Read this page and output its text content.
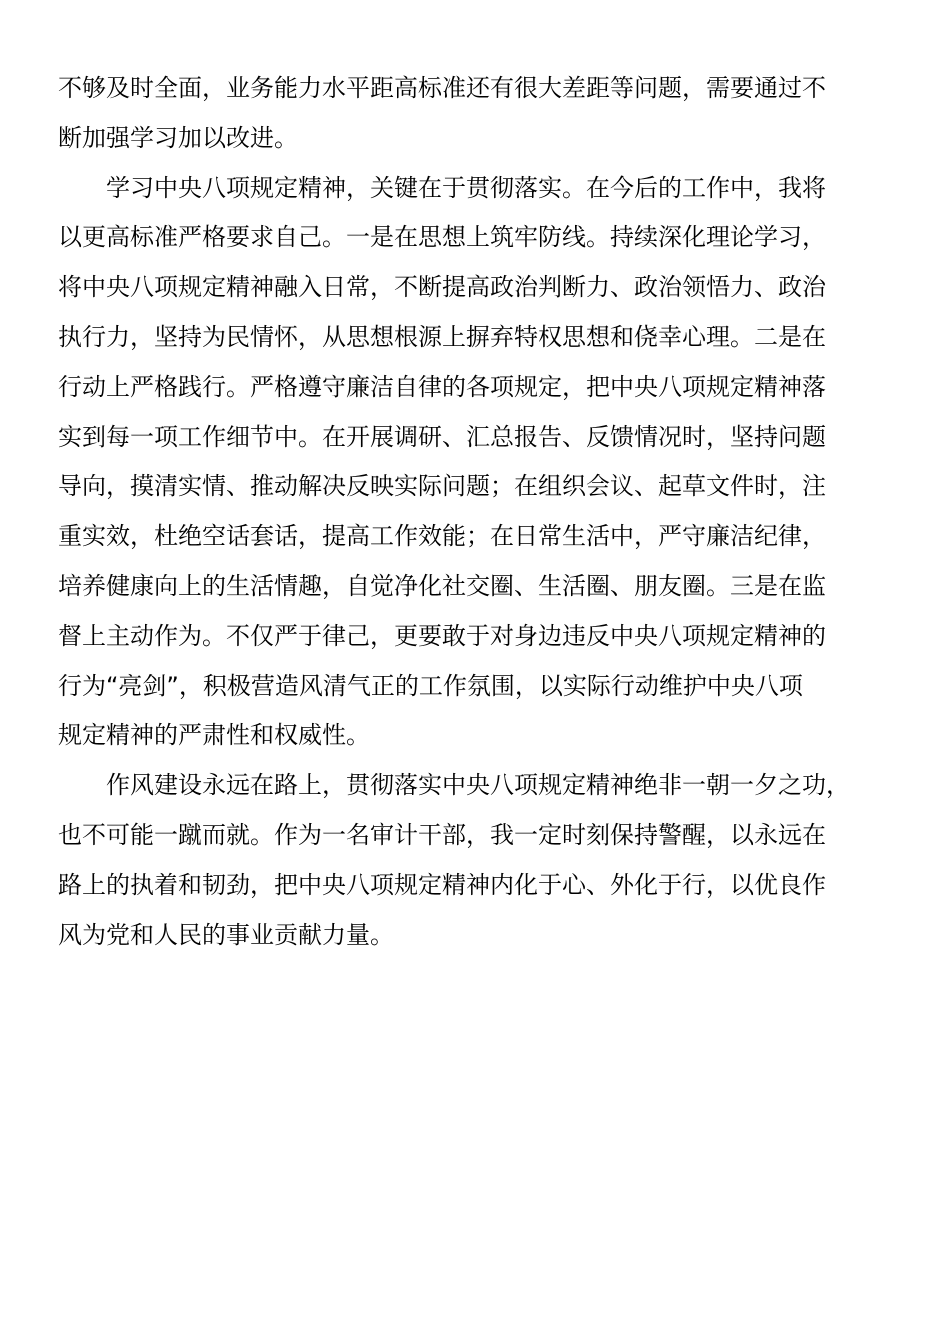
不够及时全面，业务能力水平距高标准还有很大差距等问题，需要通过不
断加强学习加以改进。
学习中央八项规定精神，关键在于贯彻落实。在今后的工作中，我将
以更高标准严格要求自己。一是在思想上筑牢防线。持续深化理论学习，
将中央八项规定精神融入日常，不断提高政治判断力、政治领悟力、政治
执行力，坚持为民情怀，从思想根源上摒弃特权思想和侥幸心理。二是在
行动上严格践行。严格遵守廉洁自律的各项规定，把中央八项规定精神落
实到每一项工作细节中。在开展调研、汇总报告、反馈情况时，坚持问题
导向，摸清实情、推动解决反映实际问题；在组织会议、起草文件时，注
重实效，杜绝空话套话，提高工作效能；在日常生活中，严守廉洁纪律，
培养健康向上的生活情趣，自觉净化社交圈、生活圈、朋友圈。三是在监
督上主动作为。不仅严于律己，更要敢于对身边违反中央八项规定精神的
行为“亮剑”，积极营造风清气正的工作氛围，以实际行动维护中央八项
规定精神的严肃性和权威性。
作风建设永远在路上，贯彻落实中央八项规定精神绝非一朝一夕之功，
也不可能一蹴而就。作为一名审计干部，我一定时刻保持警醒，以永远在
路上的执着和韧劲，把中央八项规定精神内化于心、外化于行，以优良作
风为党和人民的事业贡献力量。
